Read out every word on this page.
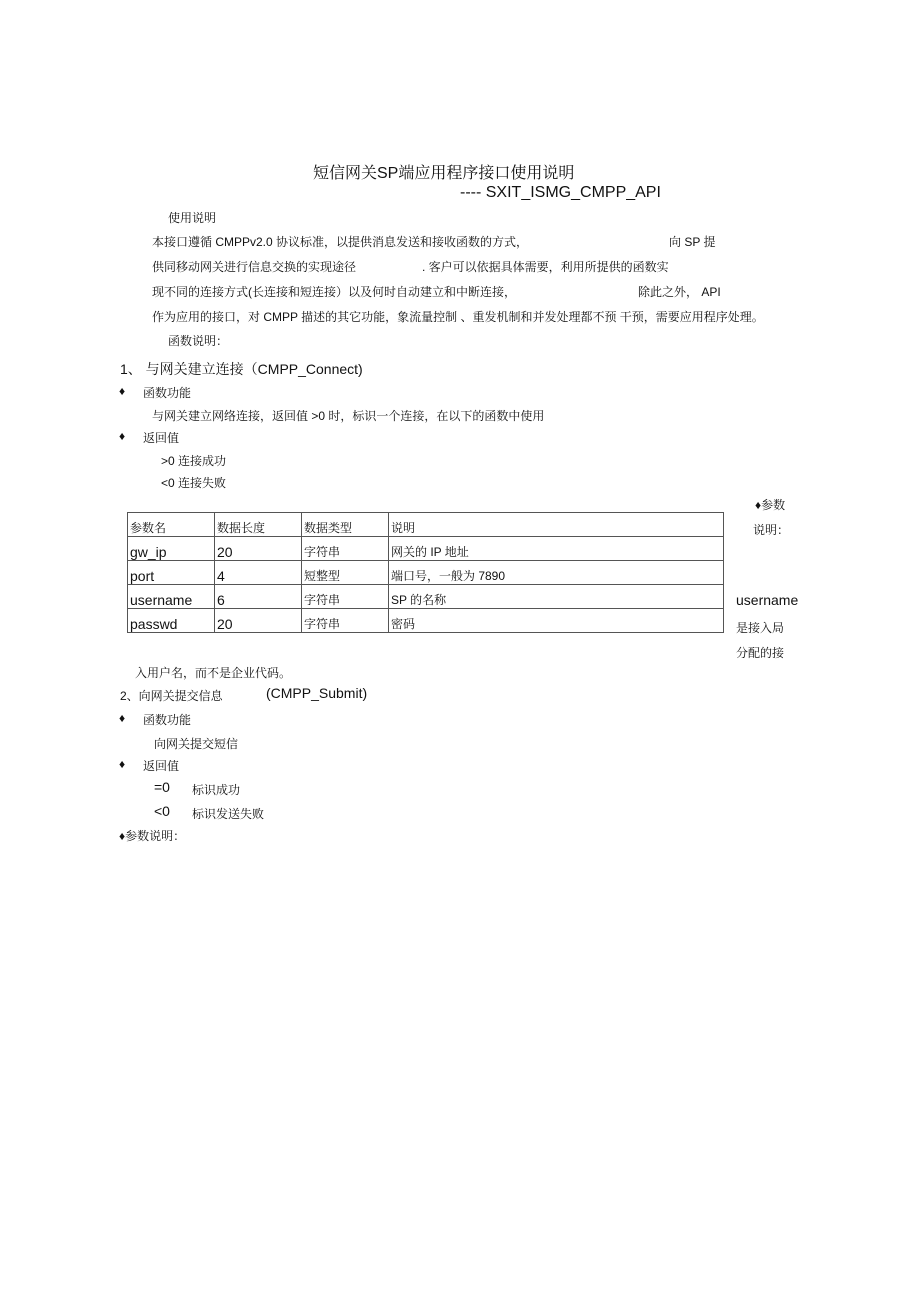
短信网关SP端应用程序接口使用说明
---- SXIT_ISMG_CMPP_API
使用说明
本接口遵循 CMPPv2.0 协议标准，以提供消息发送和接收函数的方式，	向 SP 提
供同移动网关进行信息交换的实现途径	. 客户可以依据具体需要，利用所提供的函数实
现不同的连接方式(长连接和短连接）以及何时自动建立和中断连接，	除此之外， API
作为应用的接口，对 CMPP 描述的其它功能，象流量控制 、重发机制和并发处理都不预 干预，需要应用程序处理。
函数说明：
1、 与网关建立连接（CMPP_Connect)
♦ 函数功能
与网关建立网络连接，返回值 >0 时，标识一个连接，在以下的函数中使用
♦ 返回值
>0 连接成功
<0 连接失败
♦参数
说明：
username
是接入局
分配的接
参数名	数据长度	数据类型	说明
gw_ip	20	字符串	网关的 IP 地址
port	4	短整型	端口号，一般为 7890
username	6	字符串	SP 的名称
passwd	20	字符串	密码
入用户名，而不是企业代码。
2、向网关提交信息	(CMPP_Submit)
♦ 函数功能
向网关提交短信
♦ 返回值
=0 标识成功
<0 标识发送失败
♦参数说明：
